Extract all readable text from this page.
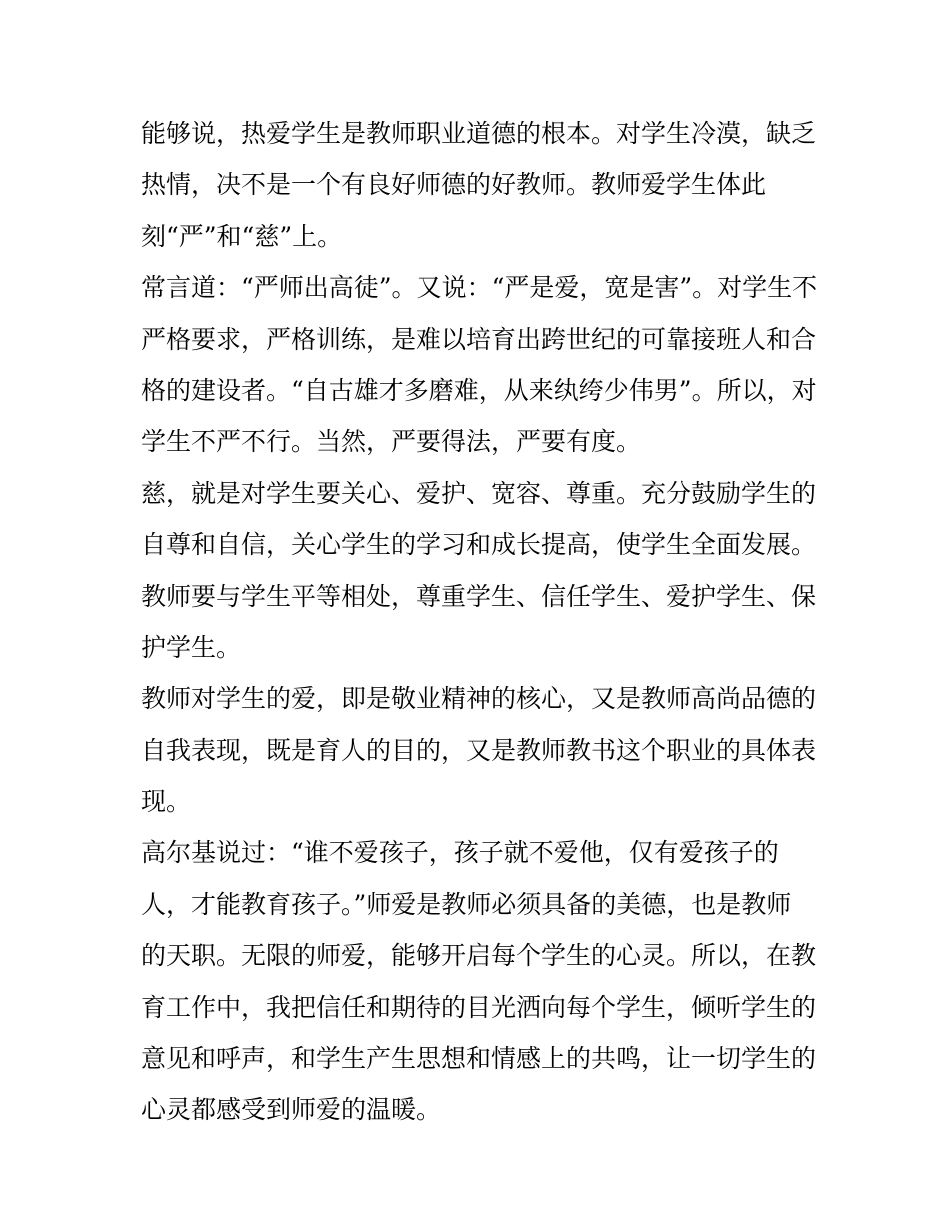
能够说，热爱学生是教师职业道德的根本。对学生冷漠，缺乏
热情，决不是一个有良好师德的好教师。教师爱学生体此
刻“严”和“慈”上。
常言道：“严师出高徒”。又说：“严是爱，宽是害”。对学生不
严格要求，严格训练，是难以培育出跨世纪的可靠接班人和合
格的建设者。“自古雄才多磨难，从来纨绔少伟男”。所以，对
学生不严不行。当然，严要得法，严要有度。
慈，就是对学生要关心、爱护、宽容、尊重。充分鼓励学生的
自尊和自信，关心学生的学习和成长提高，使学生全面发展。
教师要与学生平等相处，尊重学生、信任学生、爱护学生、保
护学生。
教师对学生的爱，即是敬业精神的核心，又是教师高尚品德的
自我表现，既是育人的目的，又是教师教书这个职业的具体表
现。
高尔基说过：“谁不爱孩子，孩子就不爱他，仅有爱孩子的
人，才能教育孩子。”师爱是教师必须具备的美德，也是教师
的天职。无限的师爱，能够开启每个学生的心灵。所以，在教
育工作中，我把信任和期待的目光洒向每个学生，倾听学生的
意见和呼声，和学生产生思想和情感上的共鸣，让一切学生的
心灵都感受到师爱的温暖。
